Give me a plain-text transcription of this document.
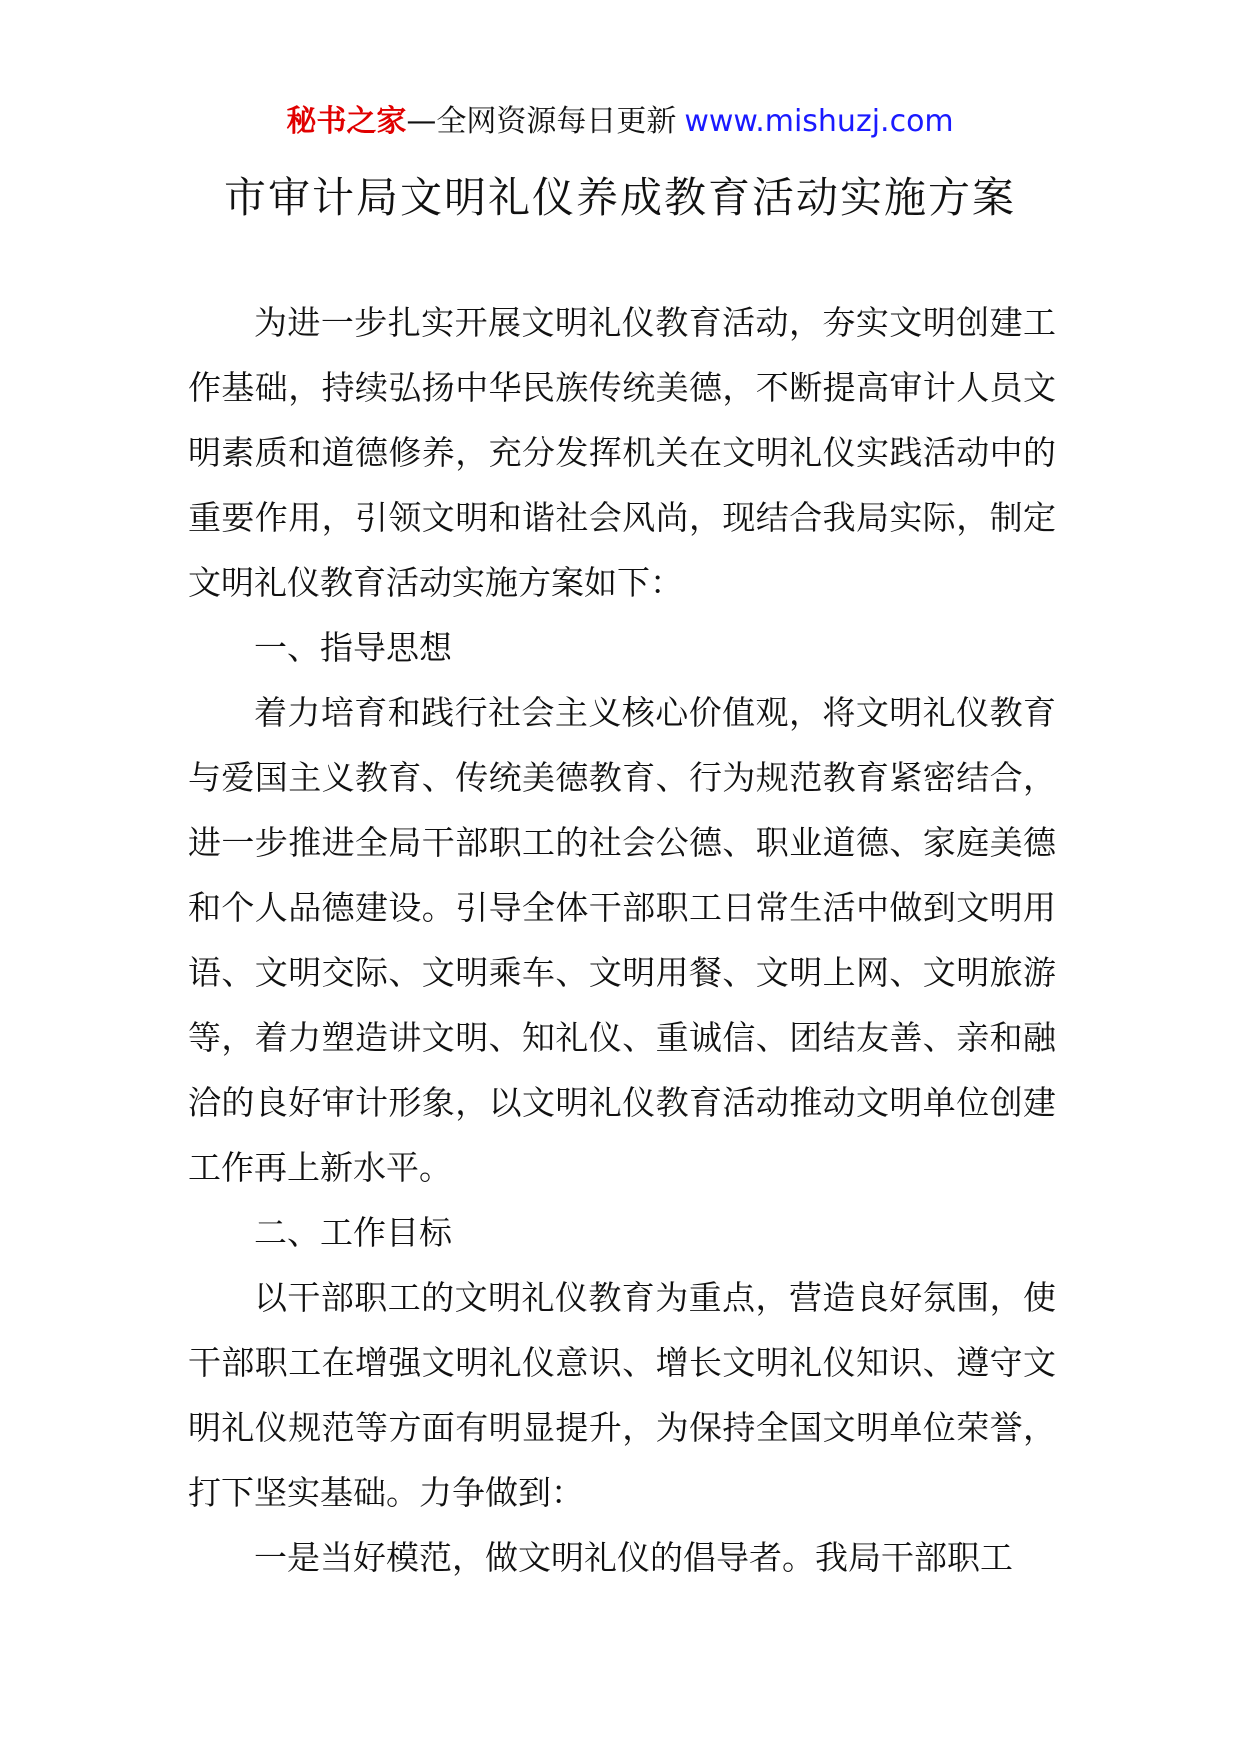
秘书之家—全网资源每日更新 www.mishuzj.com
市审计局文明礼仪养成教育活动实施方案

为进一步扎实开展文明礼仪教育活动，夯实文明创建工作基础，持续弘扬中华民族传统美德，不断提高审计人员文明素质和道德修养，充分发挥机关在文明礼仪实践活动中的重要作用，引领文明和谐社会风尚，现结合我局实际，制定文明礼仪教育活动实施方案如下：

一、指导思想

着力培育和践行社会主义核心价值观，将文明礼仪教育与爱国主义教育、传统美德教育、行为规范教育紧密结合，进一步推进全局干部职工的社会公德、职业道德、家庭美德和个人品德建设。引导全体干部职工日常生活中做到文明用语、文明交际、文明乘车、文明用餐、文明上网、文明旅游等，着力塑造讲文明、知礼仪、重诚信、团结友善、亲和融洽的良好审计形象，以文明礼仪教育活动推动文明单位创建工作再上新水平。

二、工作目标

以干部职工的文明礼仪教育为重点，营造良好氛围，使干部职工在增强文明礼仪意识、增长文明礼仪知识、遵守文明礼仪规范等方面有明显提升，为保持全国文明单位荣誉，打下坚实基础。力争做到：

一是当好模范，做文明礼仪的倡导者。我局干部职工
